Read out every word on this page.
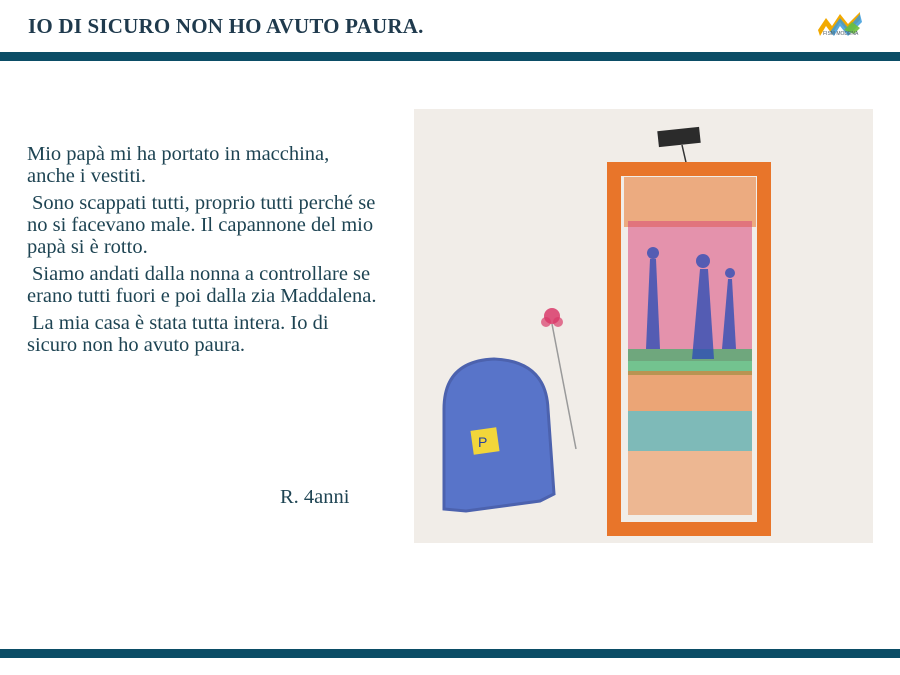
IO DI SICURO NON HO AVUTO PAURA.	FISM MODENA

Mio papà mi ha portato in macchina, anche i vestiti.

Sono scappati tutti, proprio tutti perché se no si facevano male. Il capannone del mio papà si è rotto.

Siamo andati dalla nonna a controllare se erano tutti fuori e poi dalla zia Maddalena.

La mia casa è stata tutta intera. Io di sicuro non ho avuto paura.

R. 4anni
P
